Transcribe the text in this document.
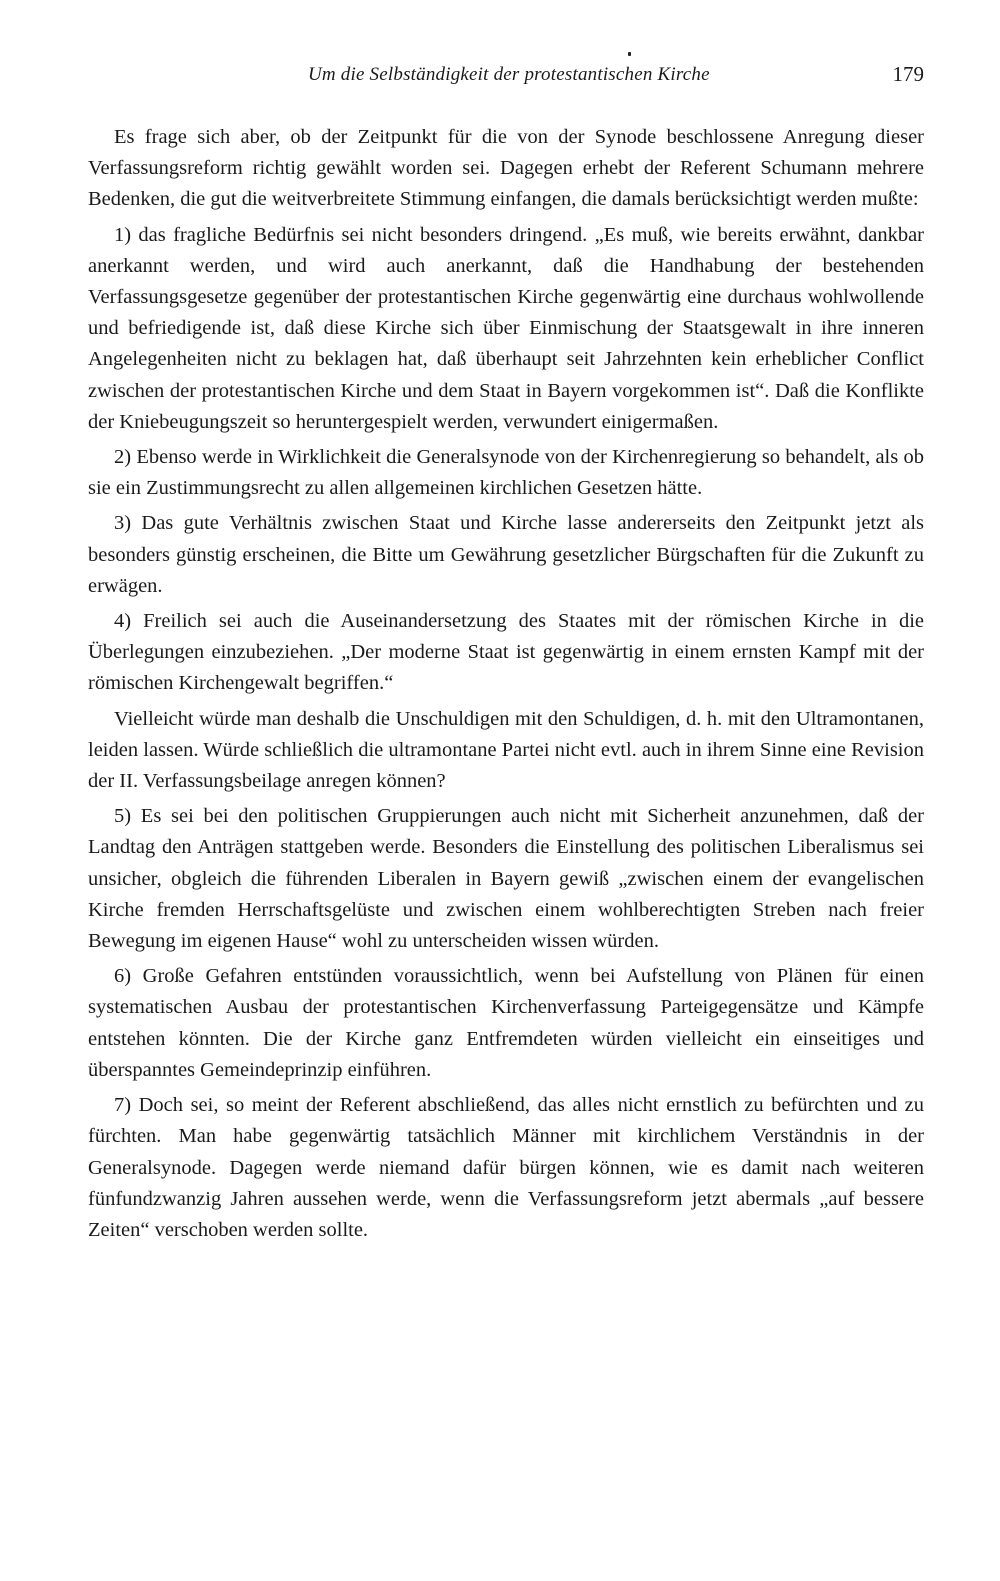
Um die Selbständigkeit der protestantischen Kirche	179

Es frage sich aber, ob der Zeitpunkt für die von der Synode beschlossene Anregung dieser Verfassungsreform richtig gewählt worden sei. Dagegen erhebt der Referent Schumann mehrere Bedenken, die gut die weitverbreitete Stimmung einfangen, die damals berücksichtigt werden mußte:

1) das fragliche Bedürfnis sei nicht besonders dringend. „Es muß, wie bereits erwähnt, dankbar anerkannt werden, und wird auch anerkannt, daß die Handhabung der bestehenden Verfassungsgesetze gegenüber der protestantischen Kirche gegenwärtig eine durchaus wohlwollende und befriedigende ist, daß diese Kirche sich über Einmischung der Staatsgewalt in ihre inneren Angelegenheiten nicht zu beklagen hat, daß überhaupt seit Jahrzehnten kein erheblicher Conflict zwischen der protestantischen Kirche und dem Staat in Bayern vorgekommen ist“. Daß die Konflikte der Kniebeugungszeit so heruntergespielt werden, verwundert einigermaßen.

2) Ebenso werde in Wirklichkeit die Generalsynode von der Kirchenregierung so behandelt, als ob sie ein Zustimmungsrecht zu allen allgemeinen kirchlichen Gesetzen hätte.

3) Das gute Verhältnis zwischen Staat und Kirche lasse andererseits den Zeitpunkt jetzt als besonders günstig erscheinen, die Bitte um Gewährung gesetzlicher Bürgschaften für die Zukunft zu erwägen.

4) Freilich sei auch die Auseinandersetzung des Staates mit der römischen Kirche in die Überlegungen einzubeziehen. „Der moderne Staat ist gegenwärtig in einem ernsten Kampf mit der römischen Kirchengewalt begriffen.“

Vielleicht würde man deshalb die Unschuldigen mit den Schuldigen, d. h. mit den Ultramontanen, leiden lassen. Würde schließlich die ultramontane Partei nicht evtl. auch in ihrem Sinne eine Revision der II. Verfassungsbeilage anregen können?

5) Es sei bei den politischen Gruppierungen auch nicht mit Sicherheit anzunehmen, daß der Landtag den Anträgen stattgeben werde. Besonders die Einstellung des politischen Liberalismus sei unsicher, obgleich die führenden Liberalen in Bayern gewiß „zwischen einem der evangelischen Kirche fremden Herrschaftsgelüste und zwischen einem wohlberechtigten Streben nach freier Bewegung im eigenen Hause“ wohl zu unterscheiden wissen würden.

6) Große Gefahren entstünden voraussichtlich, wenn bei Aufstellung von Plänen für einen systematischen Ausbau der protestantischen Kirchenverfassung Parteigegensätze und Kämpfe entstehen könnten. Die der Kirche ganz Entfremdeten würden vielleicht ein einseitiges und überspanntes Gemeindeprinzip einführen.

7) Doch sei, so meint der Referent abschließend, das alles nicht ernstlich zu befürchten und zu fürchten. Man habe gegenwärtig tatsächlich Männer mit kirchlichem Verständnis in der Generalsynode. Dagegen werde niemand dafür bürgen können, wie es damit nach weiteren fünfundzwanzig Jahren aussehen werde, wenn die Verfassungsreform jetzt abermals „auf bessere Zeiten“ verschoben werden sollte.
